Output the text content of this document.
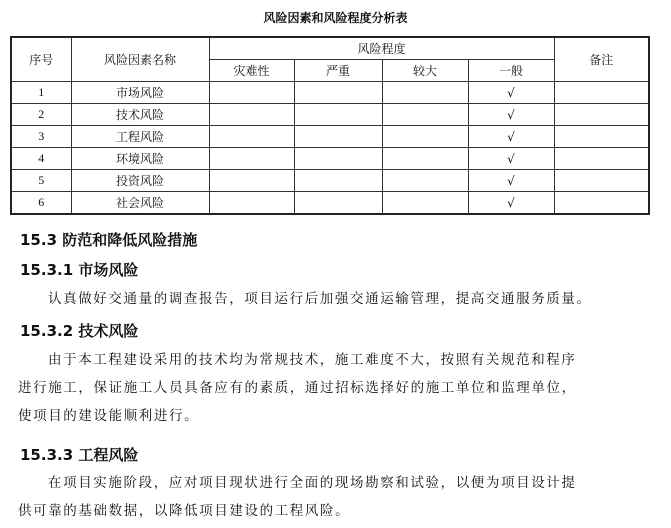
风险因素和风险程度分析表
序号	风险因素名称	风险程度				备注
		灾难性	严重	较大	一般	
1	市场风险				√	
2	技术风险				√	
3	工程风险				√	
4	环境风险				√	
5	投资风险				√	
6	社会风险				√	
15.3 防范和降低风险措施
15.3.1 市场风险
认真做好交通量的调查报告，项目运行后加强交通运输管理，提高交通服务质量。
15.3.2 技术风险
由于本工程建设采用的技术均为常规技术，施工难度不大，按照有关规范和程序
进行施工，保证施工人员具备应有的素质，通过招标选择好的施工单位和监理单位，
使项目的建设能顺利进行。
15.3.3 工程风险
在项目实施阶段，应对项目现状进行全面的现场勘察和试验，以便为项目设计提
供可靠的基础数据，以降低项目建设的工程风险。
